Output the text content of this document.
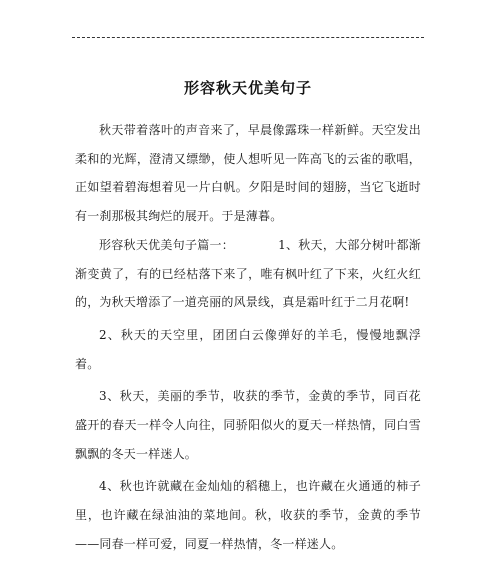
形容秋天优美句子

秋天带着落叶的声音来了，早晨像露珠一样新鲜。天空发出柔和的光辉，澄清又缥缈，使人想听见一阵高飞的云雀的歌唱，正如望着碧海想着见一片白帆。夕阳是时间的翅膀，当它飞逝时有一刹那极其绚烂的展开。于是薄暮。

形容秋天优美句子篇一：	1、秋天，大部分树叶都渐渐变黄了，有的已经枯落下来了，唯有枫叶红了下来，火红火红的，为秋天增添了一道亮丽的风景线，真是霜叶红于二月花啊!

2、秋天的天空里，团团白云像弹好的羊毛，慢慢地飘浮着。

3、秋天，美丽的季节，收获的季节，金黄的季节，同百花盛开的春天一样令人向往，同骄阳似火的夏天一样热情，同白雪飘飘的冬天一样迷人。

4、秋也许就藏在金灿灿的稻穗上，也许藏在火通通的柿子里，也许藏在绿油油的菜地间。秋，收获的季节，金黄的季节——同春一样可爱，同夏一样热情，冬一样迷人。
